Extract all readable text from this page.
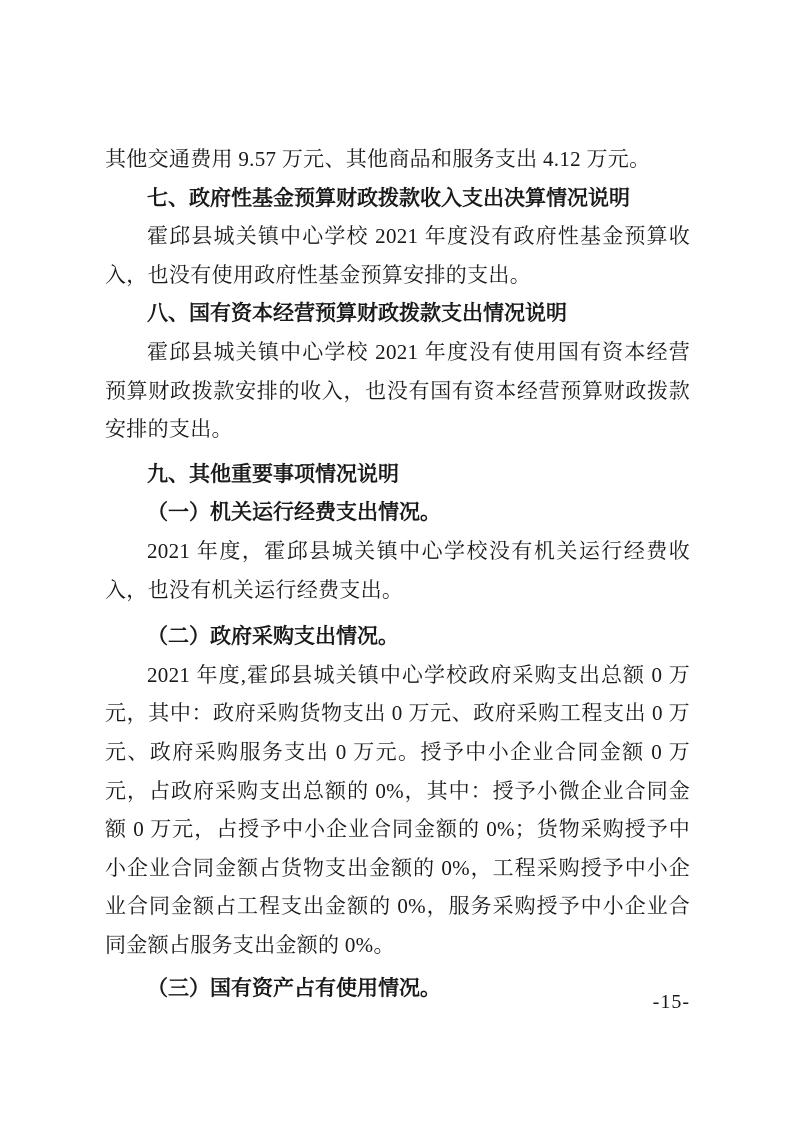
其他交通费用 9.57 万元、其他商品和服务支出 4.12 万元。

七、政府性基金预算财政拨款收入支出决算情况说明

霍邱县城关镇中心学校 2021 年度没有政府性基金预算收入，也没有使用政府性基金预算安排的支出。

八、国有资本经营预算财政拨款支出情况说明

霍邱县城关镇中心学校 2021 年度没有使用国有资本经营预算财政拨款安排的收入，也没有国有资本经营预算财政拨款安排的支出。

九、其他重要事项情况说明
（一）机关运行经费支出情况。

2021 年度，霍邱县城关镇中心学校没有机关运行经费收入，也没有机关运行经费支出。

（二）政府采购支出情况。

2021 年度,霍邱县城关镇中心学校政府采购支出总额 0 万元，其中：政府采购货物支出 0 万元、政府采购工程支出 0 万元、政府采购服务支出 0 万元。授予中小企业合同金额 0 万元，占政府采购支出总额的 0%，其中：授予小微企业合同金额 0 万元，占授予中小企业合同金额的 0%；货物采购授予中小企业合同金额占货物支出金额的 0%，工程采购授予中小企业合同金额占工程支出金额的 0%，服务采购授予中小企业合同金额占服务支出金额的 0%。

（三）国有资产占有使用情况。
-15-
